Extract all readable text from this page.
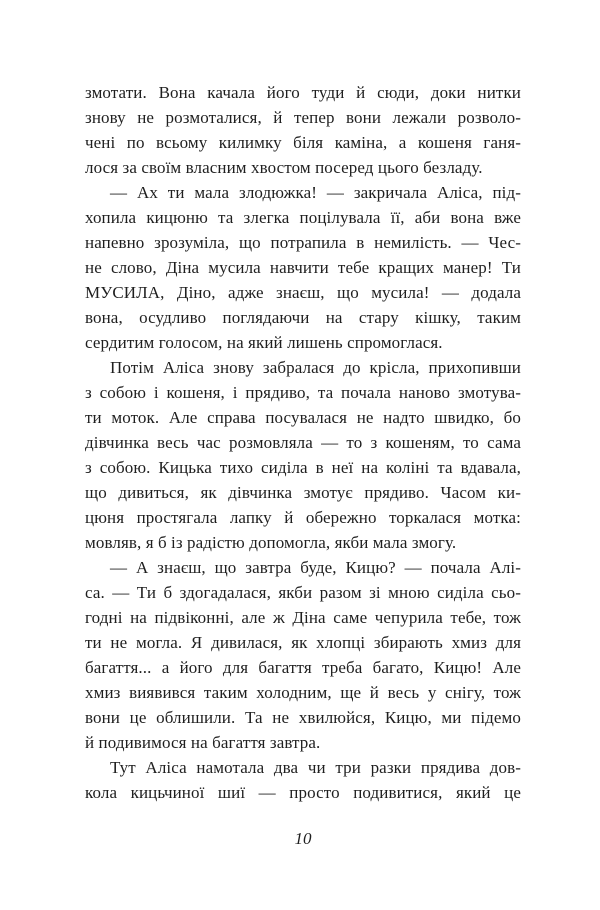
змотати. Вона качала його туди й сюди, доки нитки
знову не розмоталися, й тепер вони лежали розволо-
чені по всьому килимку біля каміна, а кошеня ганя-
лося за своїм власним хвостом посеред цього безладу.
— Ах ти мала злодюжка! — закричала Аліса, під-
хопила кицюню та злегка поцілувала її, аби вона вже
напевно зрозуміла, що потрапила в немилість. — Чес-
не слово, Діна мусила навчити тебе кращих манер! Ти
МУСИЛА, Діно, адже знаєш, що мусила! — додала
вона, осудливо поглядаючи на стару кішку, таким
сердитим голосом, на який лишень спромоглася.
Потім Аліса знову забралася до крісла, прихопивши
з собою і кошеня, і прядиво, та почала наново змотува-
ти моток. Але справа посувалася не надто швидко, бо
дівчинка весь час розмовляла — то з кошеням, то сама
з собою. Кицька тихо сиділа в неї на коліні та вдавала,
що дивиться, як дівчинка змотує прядиво. Часом ки-
цюня простягала лапку й обережно торкалася мотка:
мовляв, я б із радістю допомогла, якби мала змогу.
— А знаєш, що завтра буде, Кицю? — почала Алі-
са. — Ти б здогадалася, якби разом зі мною сиділа сьо-
годні на підвіконні, але ж Діна саме чепурила тебе, тож
ти не могла. Я дивилася, як хлопці збирають хмиз для
багаття... а його для багаття треба багато, Кицю! Але
хмиз виявився таким холодним, ще й весь у снігу, тож
вони це облишили. Та не хвилюйся, Кицю, ми підемо
й подивимося на багаття завтра.
Тут Аліса намотала два чи три разки прядива дов-
кола кицьчиної шиї — просто подивитися, який це
10
